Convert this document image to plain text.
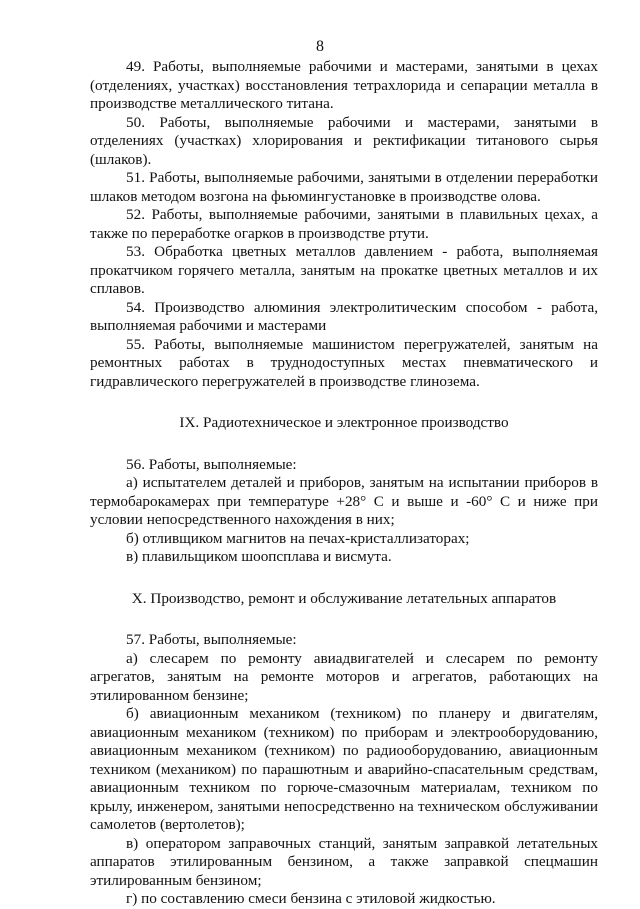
8

49. Работы, выполняемые рабочими и мастерами, занятыми в цехах (отделениях, участках) восстановления тетрахлорида и сепарации металла в производстве металлического титана.

50. Работы, выполняемые рабочими и мастерами, занятыми в отделениях (участках) хлорирования и ректификации титанового сырья (шлаков).

51. Работы, выполняемые рабочими, занятыми в отделении переработки шлаков методом возгона на фьюмингустановке в производстве олова.

52. Работы, выполняемые рабочими, занятыми в плавильных цехах, а также по переработке огарков в производстве ртути.

53. Обработка цветных металлов давлением - работа, выполняемая прокатчиком горячего металла, занятым на прокатке цветных металлов и их сплавов.

54. Производство алюминия электролитическим способом - работа, выполняемая рабочими и мастерами

55. Работы, выполняемые машинистом перегружателей, занятым на ремонтных работах в труднодоступных местах пневматического и гидравлического перегружателей в производстве глинозема.

IX. Радиотехническое и электронное производство

56. Работы, выполняемые:

а) испытателем деталей и приборов, занятым на испытании приборов в термобарокамерах при температуре +28° С и выше и -60° С и ниже при условии непосредственного нахождения в них;

б) отливщиком магнитов на печах-кристаллизаторах;

в) плавильщиком шоопсплава и висмута.

X. Производство, ремонт и обслуживание летательных аппаратов

57. Работы, выполняемые:

а) слесарем по ремонту авиадвигателей и слесарем по ремонту агрегатов, занятым на ремонте моторов и агрегатов, работающих на этилированном бензине;

б) авиационным механиком (техником) по планеру и двигателям, авиационным механиком (техником) по приборам и электрооборудованию, авиационным механиком (техником) по радиооборудованию, авиационным техником (механиком) по парашютным и аварийно-спасательным средствам, авиационным техником по горюче-смазочным материалам, техником по крылу, инженером, занятыми непосредственно на техническом обслуживании самолетов (вертолетов);

в) оператором заправочных станций, занятым заправкой летательных аппаратов этилированным бензином, а также заправкой спецмашин этилированным бензином;

г) по составлению смеси бензина с этиловой жидкостью.
